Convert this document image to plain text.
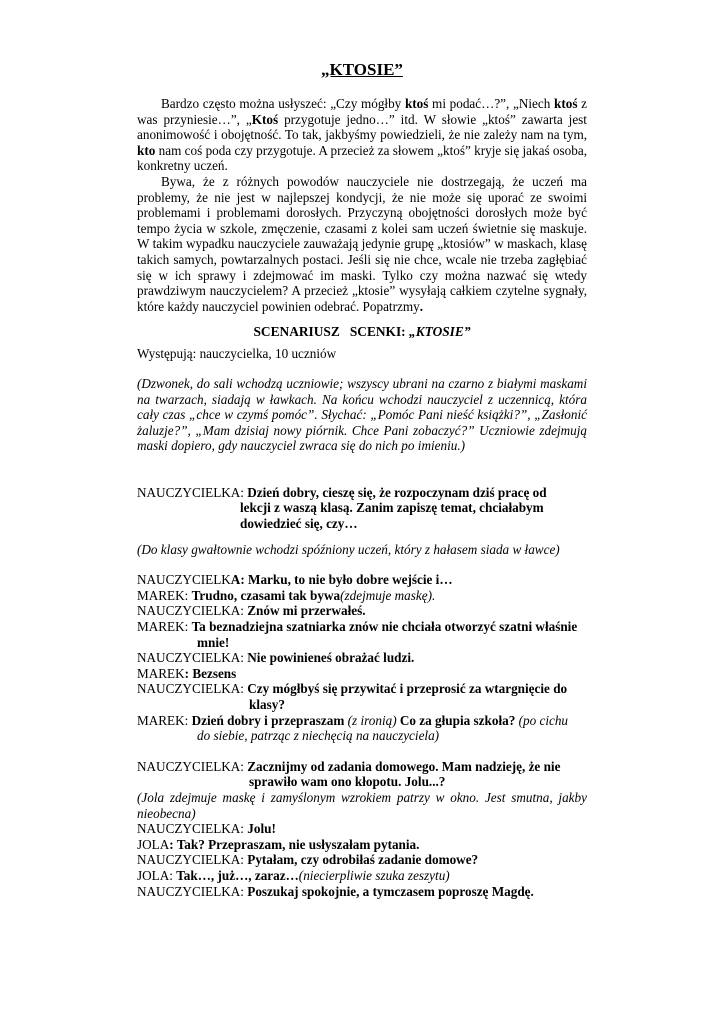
„KTOSIE”

Bardzo często można usłyszeć: „Czy mógłby ktoś mi podać…?”, „Niech ktoś z was przyniesie…”, „Ktoś przygotuje jedno…” itd. W słowie „ktoś” zawarta jest anonimowość i obojętność. To tak, jakbyśmy powiedzieli, że nie zależy nam na tym, kto nam coś poda czy przygotuje. A przecież za słowem „ktoś” kryje się jakaś osoba, konkretny uczeń.

Bywa, że z różnych powodów nauczyciele nie dostrzegają, że uczeń ma problemy, że nie jest w najlepszej kondycji, że nie może się uporać ze swoimi problemami i problemami dorosłych. Przyczyną obojętności dorosłych może być tempo życia w szkole, zmęczenie, czasami z kolei sam uczeń świetnie się maskuje. W takim wypadku nauczyciele zauważają jedynie grupę „ktosiów” w maskach, klasę takich samych, powtarzalnych postaci. Jeśli się nie chce, wcale nie trzeba zagłębiać się w ich sprawy i zdejmować im maski. Tylko czy można nazwać się wtedy prawdziwym nauczycielem? A przecież „ktosie” wysyłają całkiem czytelne sygnały, które każdy nauczyciel powinien odebrać. Popatrzmy.

SCENARIUSZ   SCENKI: „KTOSIE”
Występują: nauczycielka, 10 uczniów
(Dzwonek, do sali wchodzą uczniowie; wszyscy ubrani na czarno z białymi maskami na twarzach, siadają w ławkach. Na końcu wchodzi nauczyciel z uczennicą, która cały czas „chce w czymś pomóc”. Słychać: „Pomóc Pani nieść książki?”, „Zasłonić żaluzje?”, „Mam dzisiaj nowy piórnik. Chce Pani zobaczyć?” Uczniowie zdejmują maski dopiero, gdy nauczyciel zwraca się do nich po imieniu.)
NAUCZYCIELKA: Dzień dobry, cieszę się, że rozpoczynam dziś pracę od
lekcji z waszą klasą. Zanim zapiszę temat, chciałabym
dowiedzieć się, czy…
(Do klasy gwałtownie wchodzi spóźniony uczeń, który z hałasem siada w ławce)
NAUCZYCIELKA: Marku, to nie było dobre wejście i…
MAREK: Trudno, czasami tak bywa(zdejmuje maskę).
NAUCZYCIELKA: Znów mi przerwałeś.
MAREK: Ta beznadziejna szatniarka znów nie chciała otworzyć szatni właśnie
mnie!
NAUCZYCIELKA: Nie powinieneś obrażać ludzi.
MAREK: Bezsens
NAUCZYCIELKA: Czy mógłbyś się przywitać i przeprosić za wtargnięcie do
klasy?
MAREK: Dzień dobry i przepraszam (z ironią) Co za głupia szkoła? (po cichu
do siebie, patrząc z niechęcią na nauczyciela)
NAUCZYCIELKA: Zacznijmy od zadania domowego. Mam nadzieję, że nie
sprawiło wam ono kłopotu. Jolu...?
(Jola zdejmuje maskę i zamyślonym wzrokiem patrzy w okno. Jest smutna, jakby nieobecna)
NAUCZYCIELKA: Jolu!
JOLA: Tak? Przepraszam, nie usłyszałam pytania.
NAUCZYCIELKA: Pytałam, czy odrobiłaś zadanie domowe?
JOLA: Tak…, już…, zaraz…(niecierpliwie szuka zeszytu)
NAUCZYCIELKA: Poszukaj spokojnie, a tymczasem poproszę Magdę.
